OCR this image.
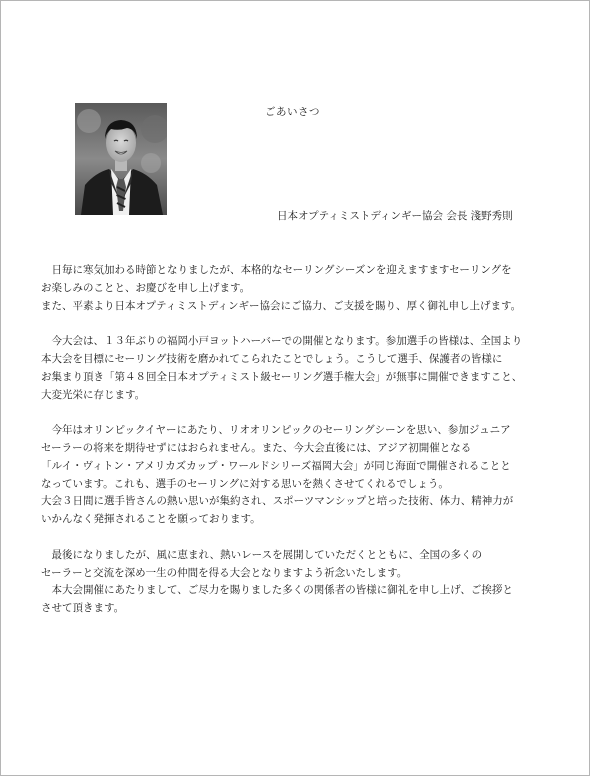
ごあいさつ
日本オプティミストディンギー協会 会長 淺野秀則
　日毎に寒気加わる時節となりましたが、本格的なセーリングシーズンを迎えますますセーリングを
お楽しみのことと、お慶びを申し上げます。
また、平素より日本オプティミストディンギー協会にご協力、ご支援を賜り、厚く御礼申し上げます。
　今大会は、１３年ぶりの福岡小戸ヨットハーバーでの開催となります。参加選手の皆様は、全国より
本大会を目標にセーリング技術を磨かれてこられたことでしょう。こうして選手、保護者の皆様に
お集まり頂き「第４８回全日本オプティミスト級セーリング選手権大会」が無事に開催できますこと、
大変光栄に存じます。
　今年はオリンピックイヤーにあたり、リオオリンピックのセーリングシーンを思い、参加ジュニア
セーラーの将来を期待せずにはおられません。また、今大会直後には、アジア初開催となる
「ルイ・ヴィトン・アメリカズカップ・ワールドシリーズ福岡大会」が同じ海面で開催されることと
なっています。これも、選手のセーリングに対する思いを熱くさせてくれるでしょう。
大会３日間に選手皆さんの熱い思いが集約され、スポーツマンシップと培った技術、体力、精神力が
いかんなく発揮されることを願っております。
　最後になりましたが、風に恵まれ、熱いレースを展開していただくとともに、全国の多くの
セーラーと交流を深め一生の仲間を得る大会となりますよう祈念いたします。
　本大会開催にあたりまして、ご尽力を賜りました多くの関係者の皆様に御礼を申し上げ、ご挨拶と
させて頂きます。
